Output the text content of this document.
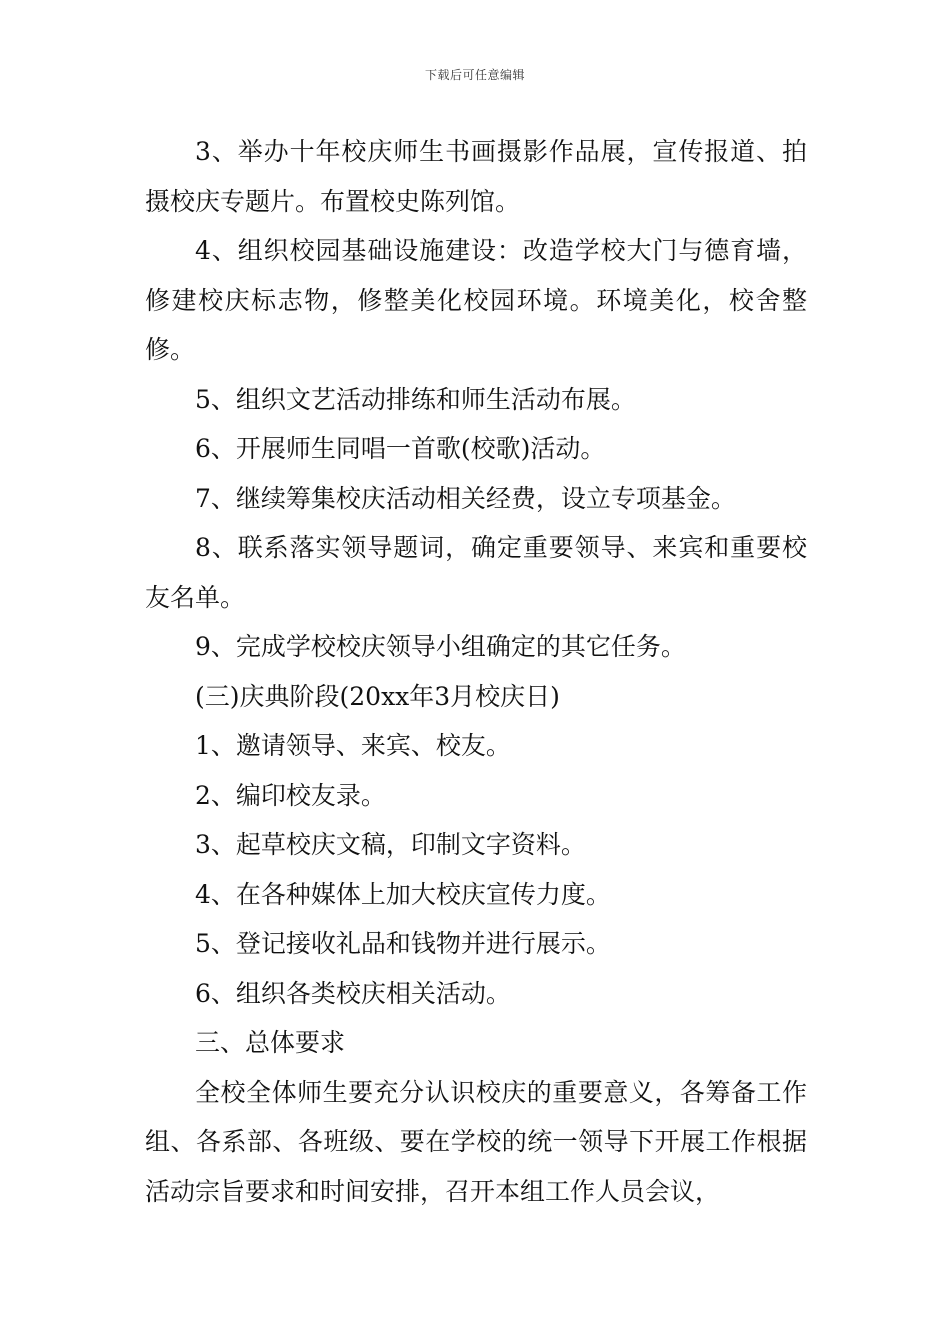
下载后可任意编辑

3、举办十年校庆师生书画摄影作品展，宣传报道、拍摄校庆专题片。布置校史陈列馆。

4、组织校园基础设施建设：改造学校大门与德育墙，修建校庆标志物，修整美化校园环境。环境美化，校舍整修。

5、组织文艺活动排练和师生活动布展。

6、开展师生同唱一首歌(校歌)活动。

7、继续筹集校庆活动相关经费，设立专项基金。

8、联系落实领导题词，确定重要领导、来宾和重要校友名单。

9、完成学校校庆领导小组确定的其它任务。

(三)庆典阶段(20xx年3月校庆日)

1、邀请领导、来宾、校友。

2、编印校友录。

3、起草校庆文稿，印制文字资料。

4、在各种媒体上加大校庆宣传力度。

5、登记接收礼品和钱物并进行展示。

6、组织各类校庆相关活动。

三、总体要求

全校全体师生要充分认识校庆的重要意义，各筹备工作组、各系部、各班级、要在学校的统一领导下开展工作根据活动宗旨要求和时间安排，召开本组工作人员会议，
